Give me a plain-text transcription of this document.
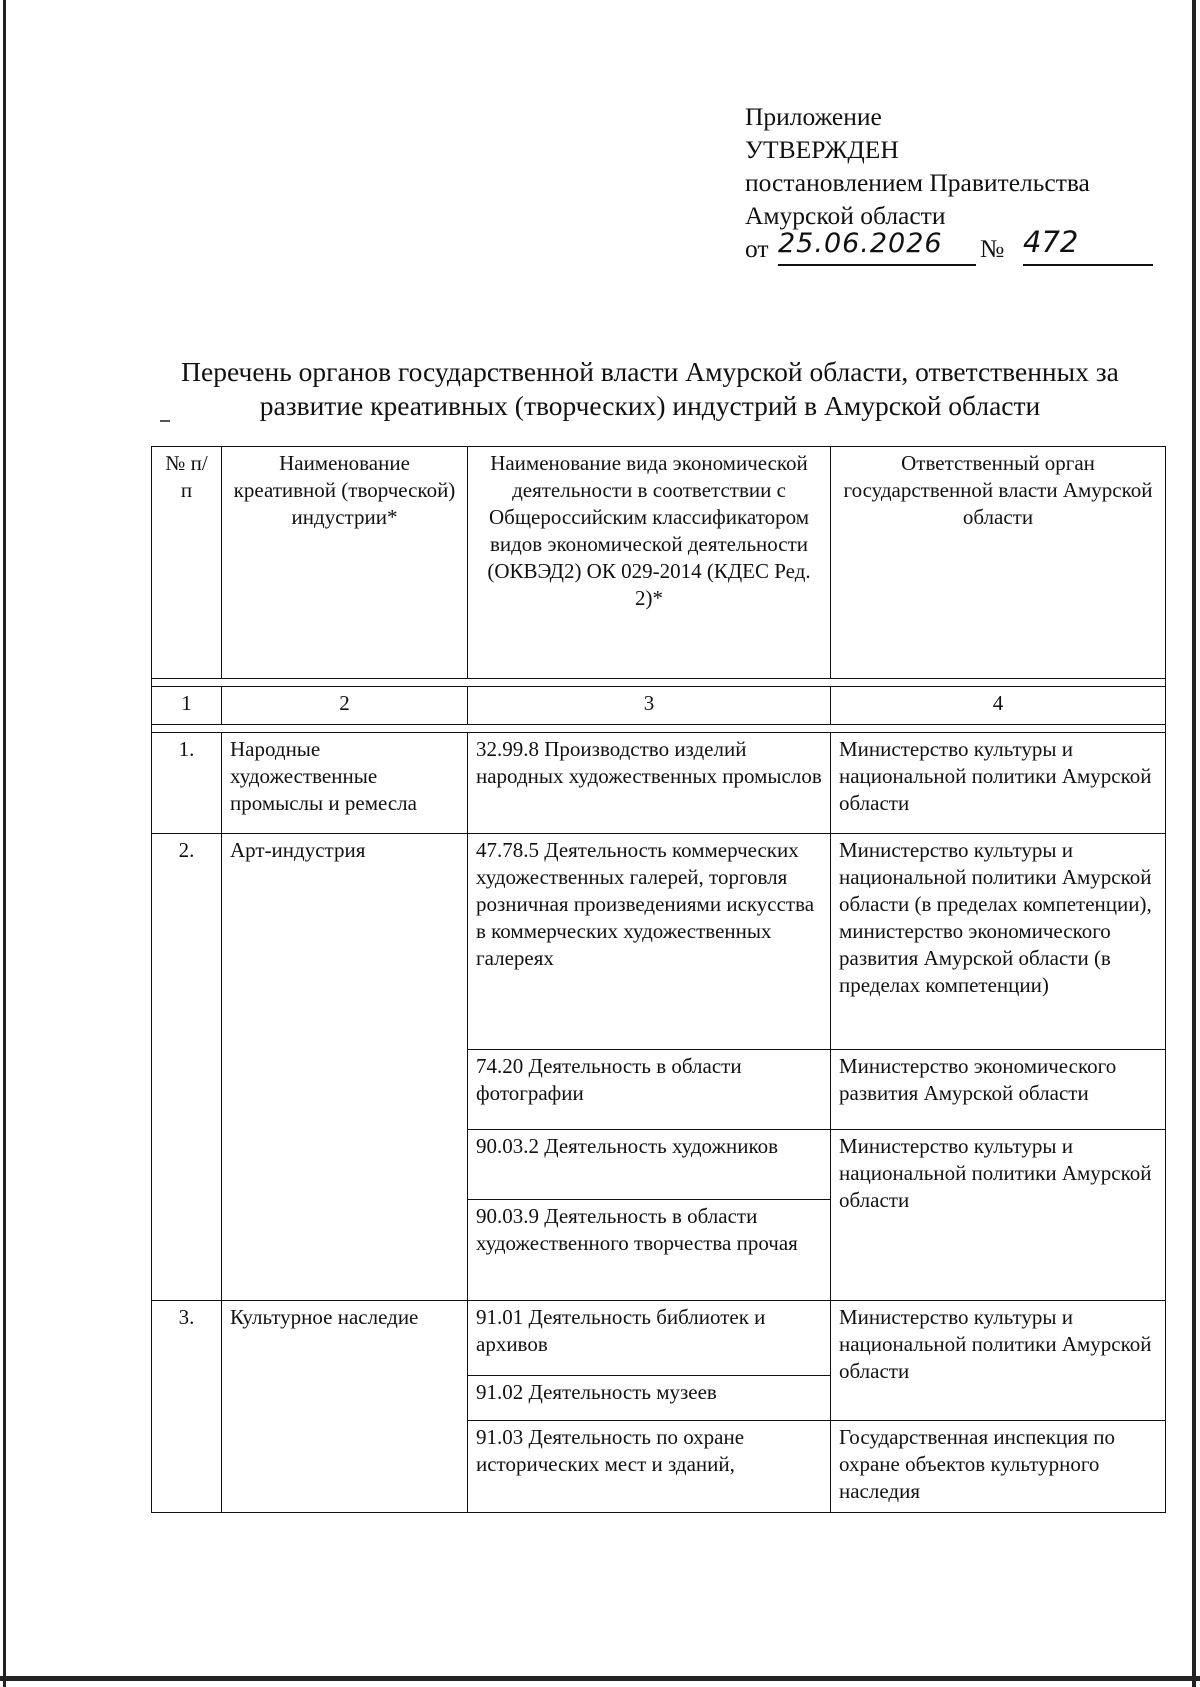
Приложение
УТВЕРЖДЕН
постановлением Правительства
Амурской области
от 25.06.2026 № 472
Перечень органов государственной власти Амурской области, ответственных за
развитие креативных (творческих) индустрий в Амурской области
№ п/п	Наименование креативной (творческой) индустрии*	Наименование вида экономической деятельности в соответствии с Общероссийским классификатором видов экономической деятельности (ОКВЭД2) ОК 029-2014 (КДЕС Ред. 2)*	Ответственный орган государственной власти Амурской области

1	2	3	4

1.	Народные художественные промыслы и ремесла	32.99.8 Производство изделий народных художественных промыслов	Министерство культуры и национальной политики Амурской области
2.	Арт-индустрия	47.78.5 Деятельность коммерческих художественных галерей, торговля розничная произведениями искусства в коммерческих художественных галереях	Министерство культуры и национальной политики Амурской области (в пределах компетенции), министерство экономического развития Амурской области (в пределах компетенции)
		74.20 Деятельность в области фотографии	Министерство экономического развития Амурской области
		90.03.2 Деятельность художников	Министерство культуры и национальной политики Амурской области
		90.03.9 Деятельность в области художественного творчества прочая	
3.	Культурное наследие	91.01 Деятельность библиотек и архивов	Министерство культуры и национальной политики Амурской области
		91.02 Деятельность музеев	
		91.03 Деятельность по охране исторических мест и зданий,	Государственная инспекция по охране объектов культурного наследия
